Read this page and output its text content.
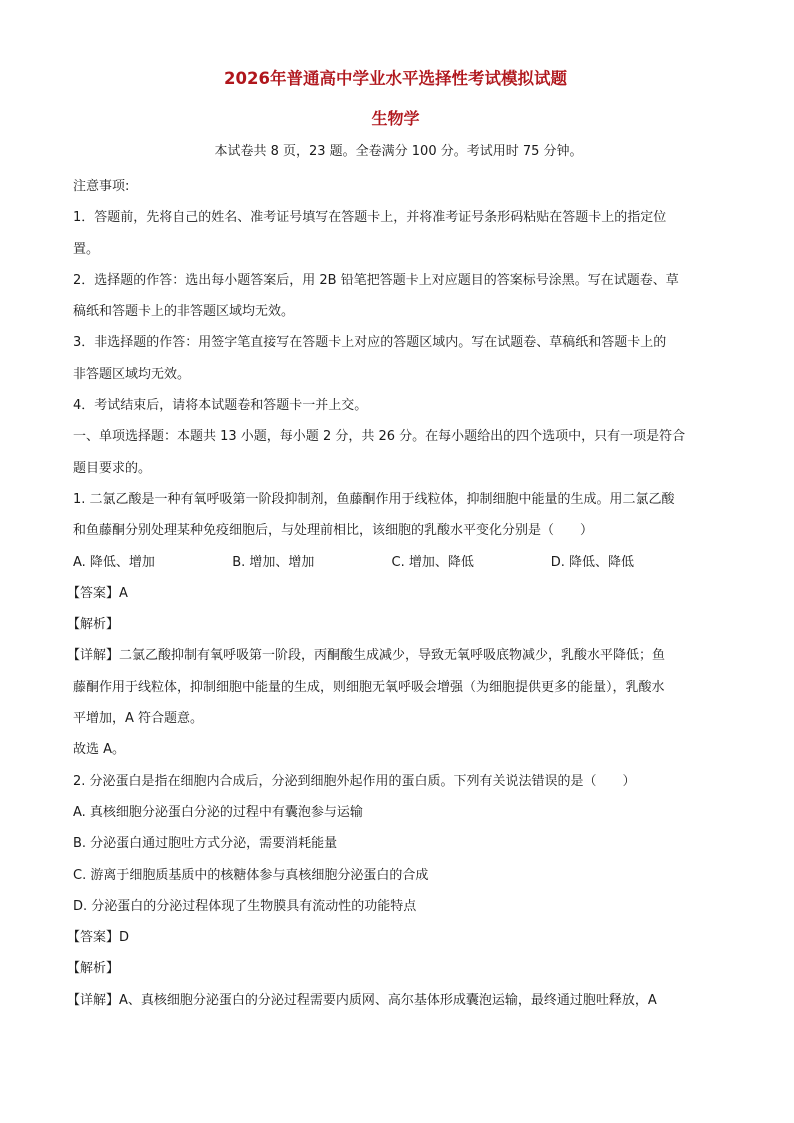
2026年普通高中学业水平选择性考试模拟试题
生物学
本试卷共 8 页，23 题。全卷满分 100 分。考试用时 75 分钟。

注意事项:

1．答题前，先将自己的姓名、准考证号填写在答题卡上，并将准考证号条形码粘贴在答题卡上的指定位

置。

2．选择题的作答：选出每小题答案后，用 2B 铅笔把答题卡上对应题目的答案标号涂黑。写在试题卷、草

稿纸和答题卡上的非答题区域均无效。

3．非选择题的作答：用签字笔直接写在答题卡上对应的答题区域内。写在试题卷、草稿纸和答题卡上的

非答题区域均无效。

4．考试结束后，请将本试题卷和答题卡一并上交。

一、单项选择题：本题共 13 小题，每小题 2 分，共 26 分。在每小题给出的四个选项中，只有一项是符合

题目要求的。

1. 二氯乙酸是一种有氧呼吸第一阶段抑制剂，鱼藤酮作用于线粒体，抑制细胞中能量的生成。用二氯乙酸

和鱼藤酮分别处理某种免疫细胞后，与处理前相比，该细胞的乳酸水平变化分别是（　　）

A. 降低、增加	B. 增加、增加	C. 增加、降低	D. 降低、降低

【答案】A

【解析】

【详解】二氯乙酸抑制有氧呼吸第一阶段，丙酮酸生成减少，导致无氧呼吸底物减少，乳酸水平降低；鱼

藤酮作用于线粒体，抑制细胞中能量的生成，则细胞无氧呼吸会增强（为细胞提供更多的能量），乳酸水

平增加，A 符合题意。

故选 A。

2. 分泌蛋白是指在细胞内合成后，分泌到细胞外起作用的蛋白质。下列有关说法错误的是（　　）

A. 真核细胞分泌蛋白分泌的过程中有囊泡参与运输

B. 分泌蛋白通过胞吐方式分泌，需要消耗能量

C. 游离于细胞质基质中的核糖体参与真核细胞分泌蛋白的合成

D. 分泌蛋白的分泌过程体现了生物膜具有流动性的功能特点

【答案】D

【解析】

【详解】A、真核细胞分泌蛋白的分泌过程需要内质网、高尔基体形成囊泡运输，最终通过胞吐释放，A
